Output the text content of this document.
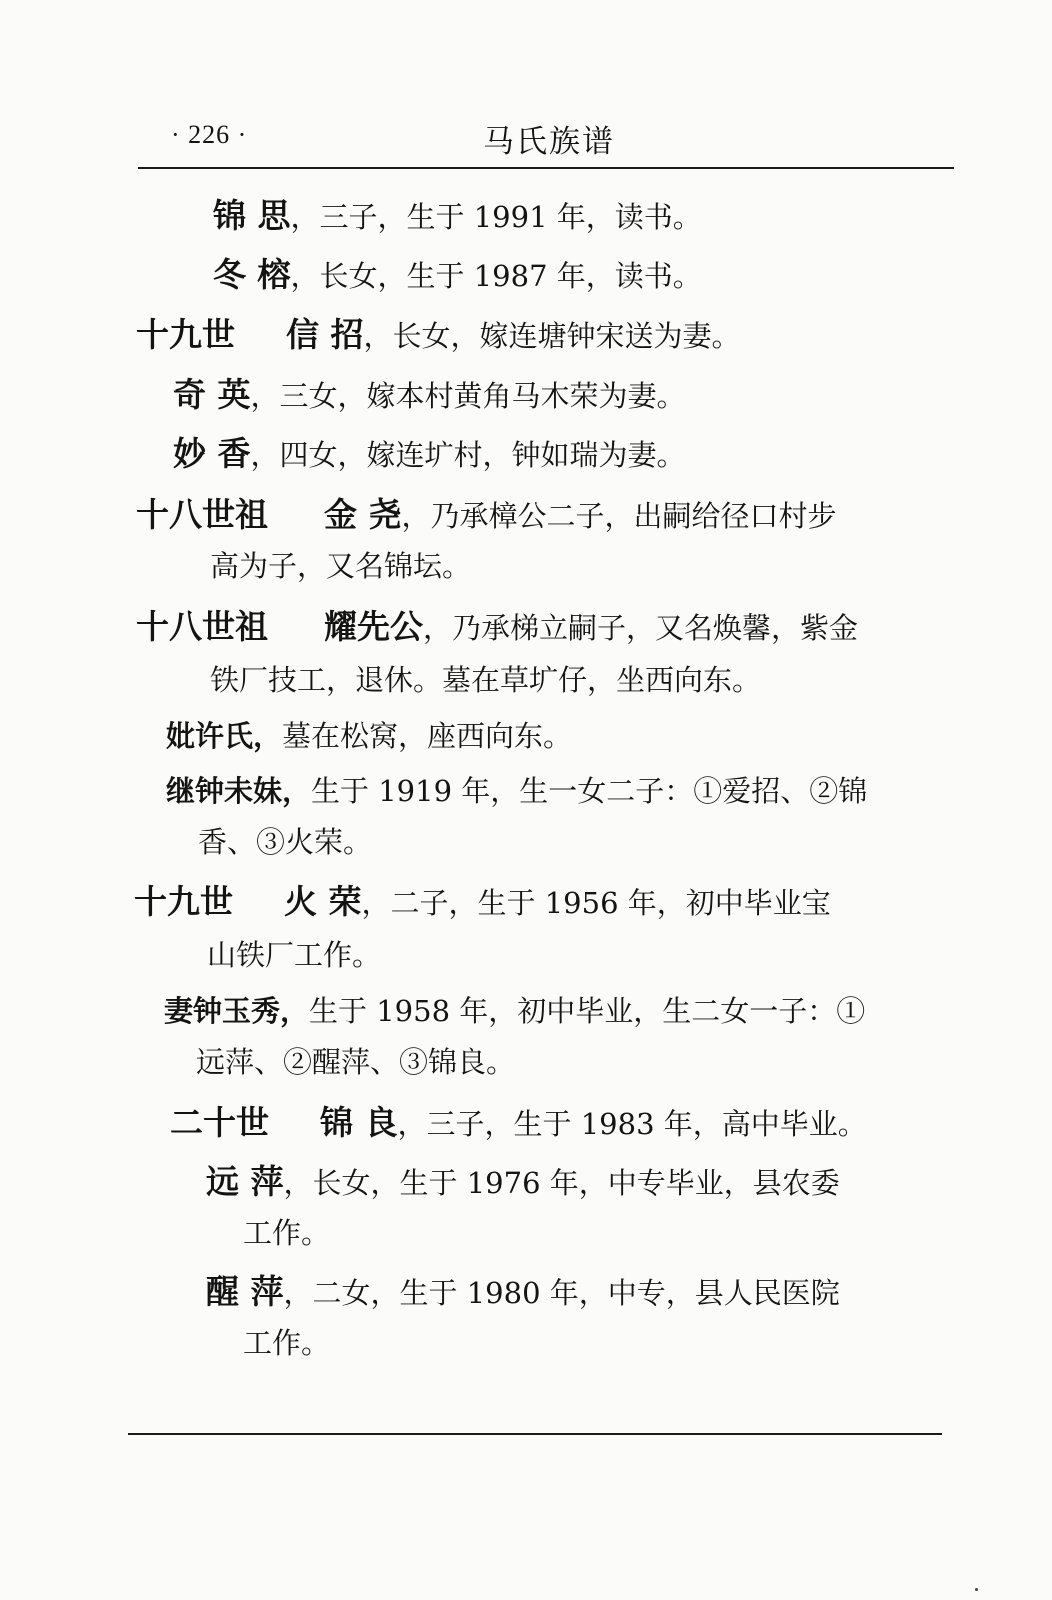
· 226 ·	马氏族谱
锦 思，三子，生于 1991 年，读书。
冬 榕，长女，生于 1987 年，读书。
十九世 信 招，长女，嫁连塘钟宋送为妻。
奇 英，三女，嫁本村黄角马木荣为妻。
妙 香，四女，嫁连圹村，钟如瑞为妻。
十八世祖 金 尧，乃承樟公二子，出嗣给径口村步
高为子，又名锦坛。
十八世祖 耀先公，乃承梯立嗣子，又名焕馨，紫金
铁厂技工，退休。墓在草圹仔，坐西向东。
妣许氏，墓在松窝，座西向东。
继钟未妹，生于 1919 年，生一女二子：①爱招、②锦
香、③火荣。
十九世 火 荣，二子，生于 1956 年，初中毕业宝
山铁厂工作。
妻钟玉秀，生于 1958 年，初中毕业，生二女一子：①
远萍、②醒萍、③锦良。
二十世 锦 良，三子，生于 1983 年，高中毕业。
远 萍，长女，生于 1976 年，中专毕业，县农委
工作。
醒 萍，二女，生于 1980 年，中专，县人民医院
工作。
